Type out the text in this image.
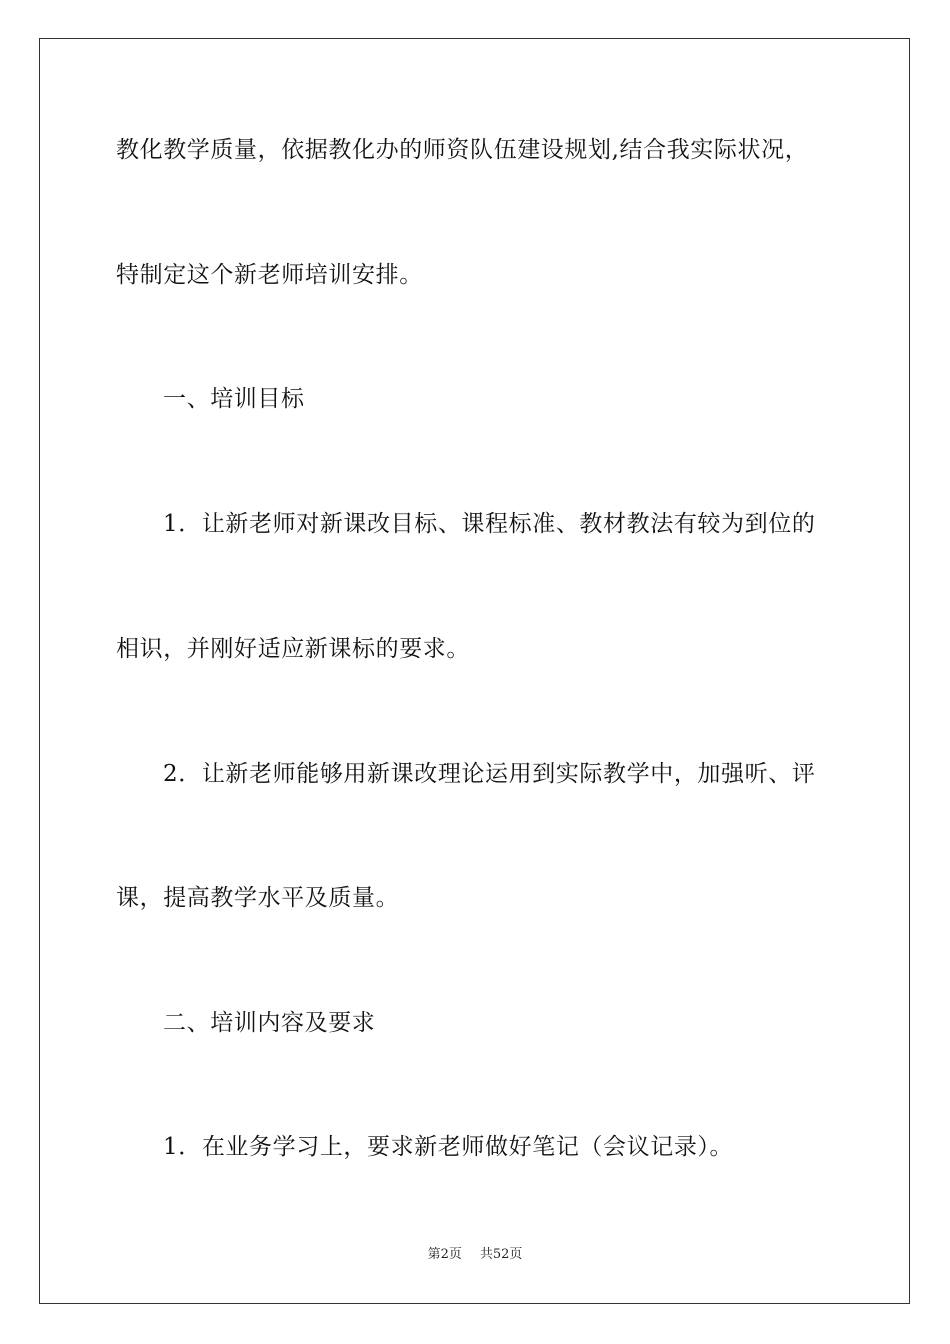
教化教学质量，依据教化办的师资队伍建设规划,结合我实际状况，
特制定这个新老师培训安排。
一、培训目标
1．让新老师对新课改目标、课程标准、教材教法有较为到位的
相识，并刚好适应新课标的要求。
2．让新老师能够用新课改理论运用到实际教学中，加强听、评
课，提高教学水平及质量。
二、培训内容及要求
1．在业务学习上，要求新老师做好笔记（会议记录）。
第2页 共52页
